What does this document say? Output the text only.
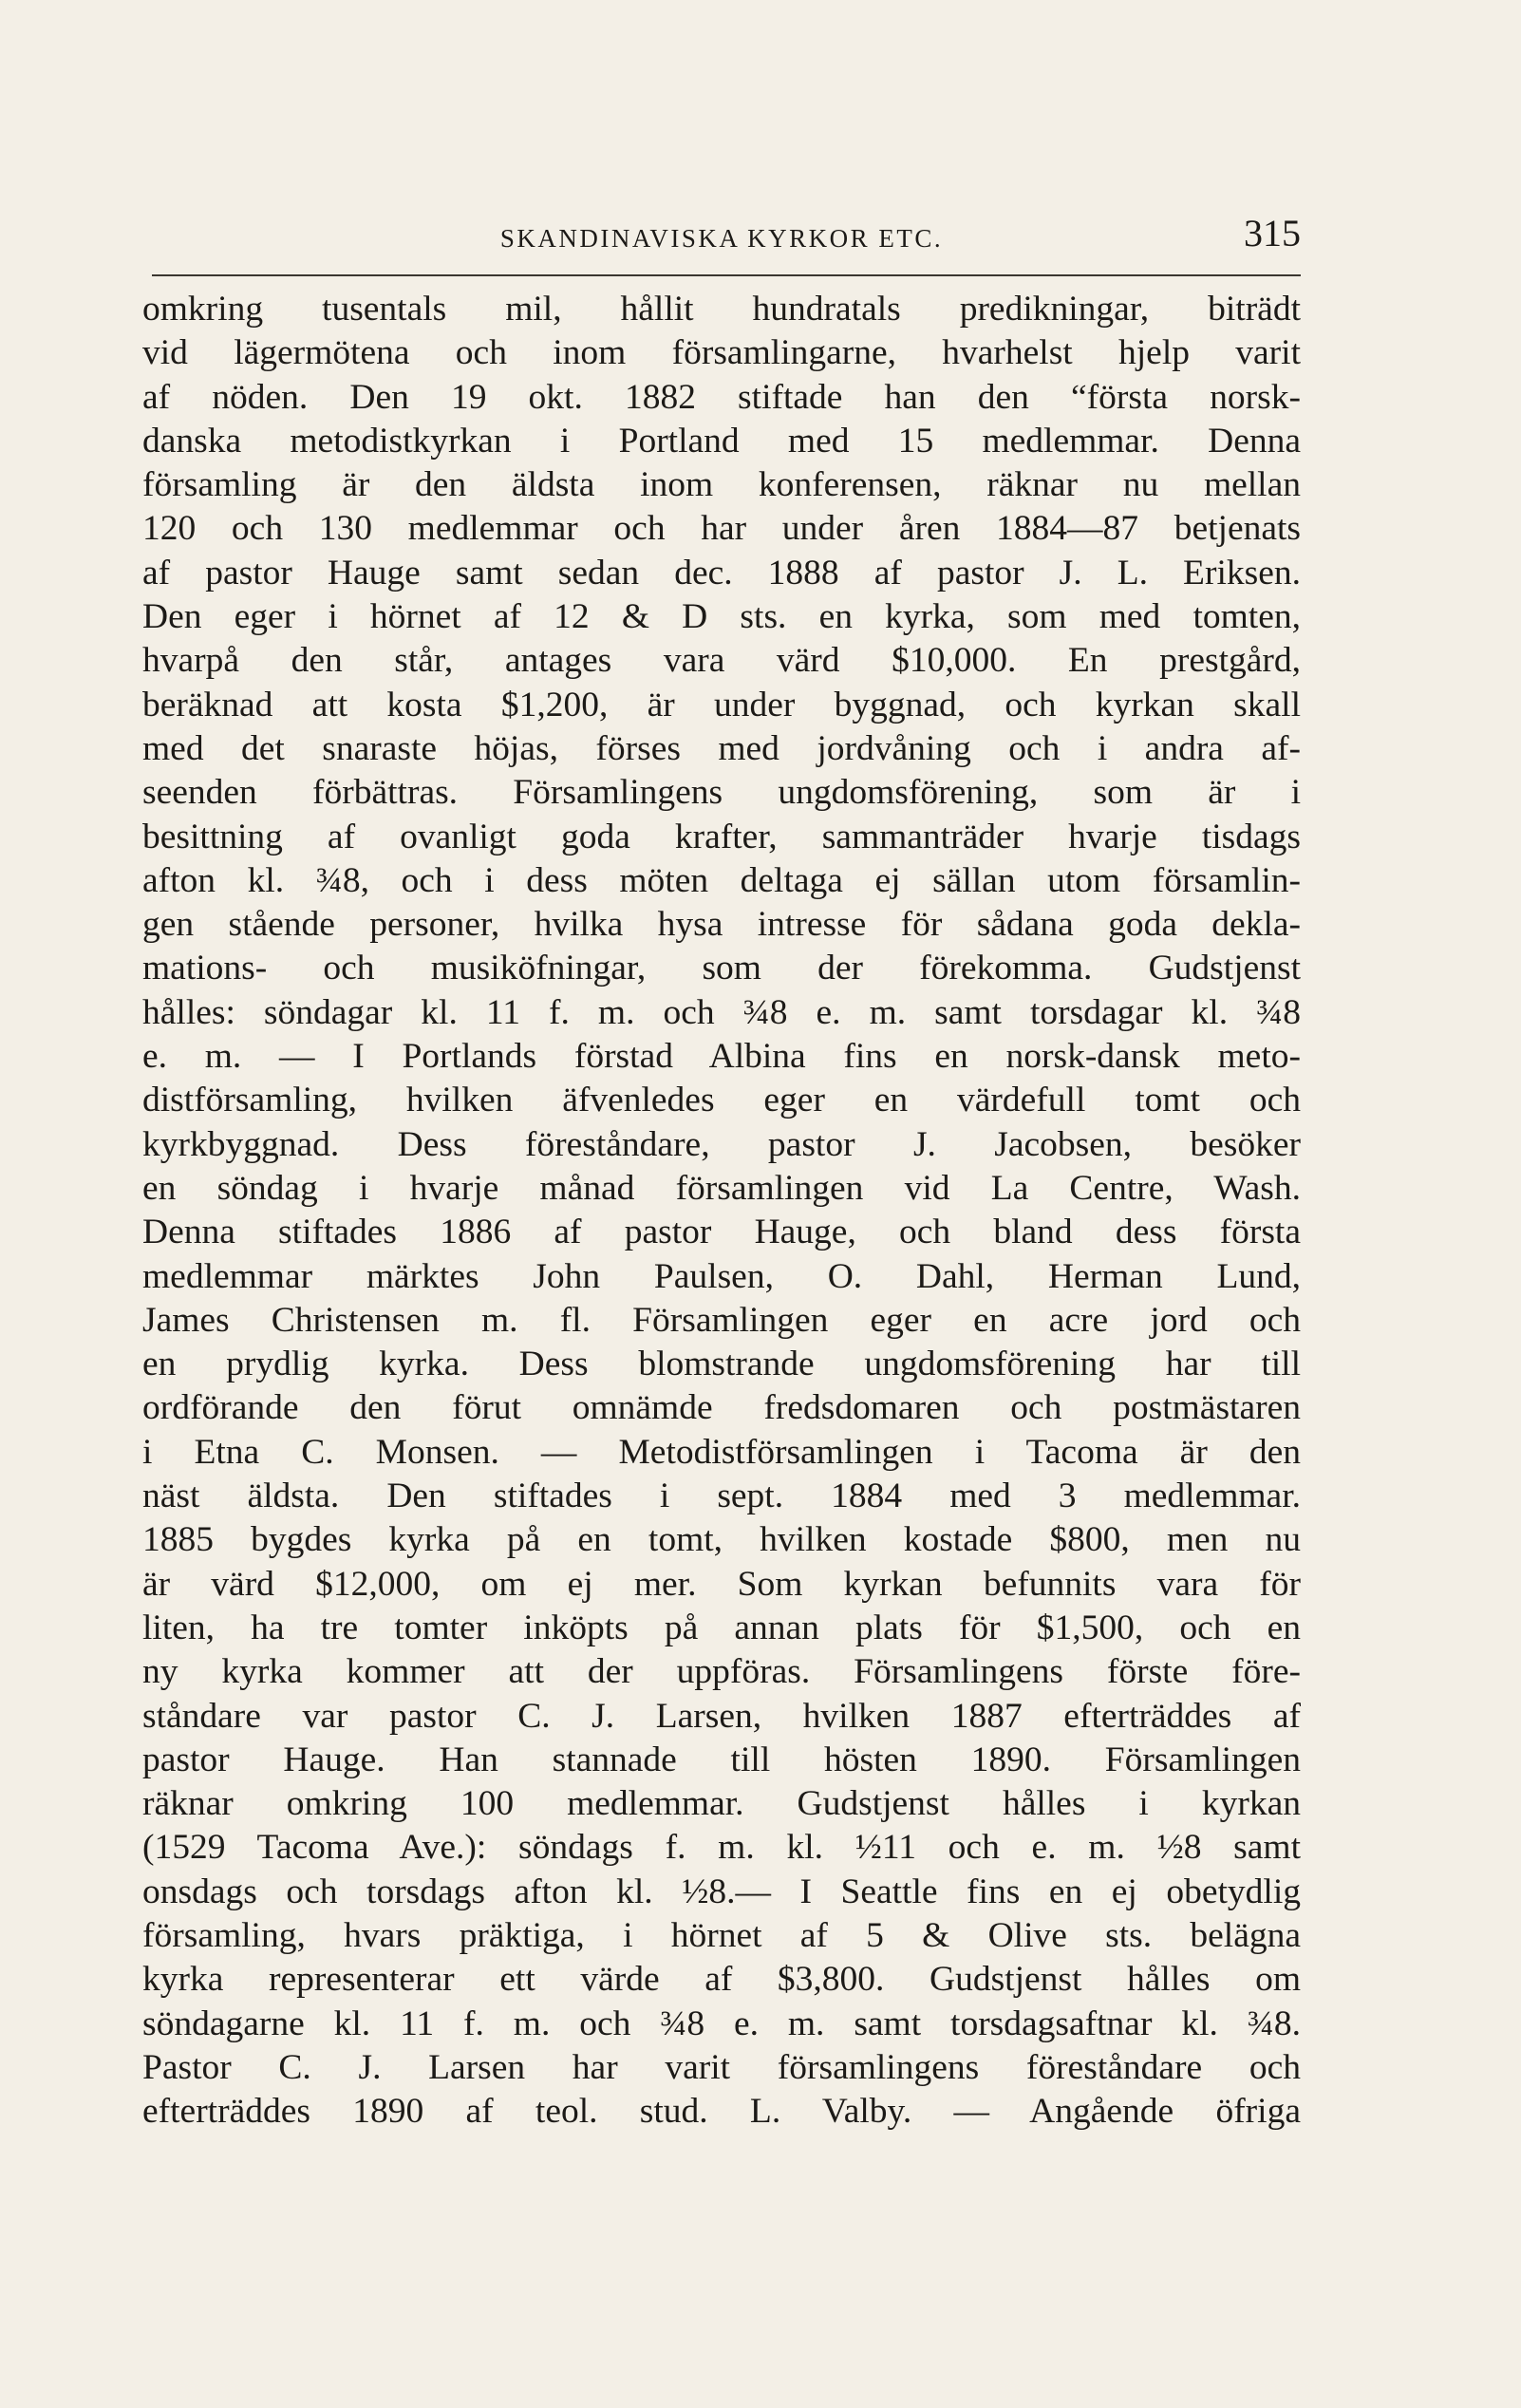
SKANDINAVISKA KYRKOR ETC.	315
omkring tusentals mil, hållit hundratals predikningar, biträdt
vid lägermötena och inom församlingarne, hvarhelst hjelp varit
af nöden. Den 19 okt. 1882 stiftade han den “första norsk-
danska metodistkyrkan i Portland med 15 medlemmar. Denna
församling är den äldsta inom konferensen, räknar nu mellan
120 och 130 medlemmar och har under åren 1884—87 betjenats
af pastor Hauge samt sedan dec. 1888 af pastor J. L. Eriksen.
Den eger i hörnet af 12 & D sts. en kyrka, som med tomten,
hvarpå den står, antages vara värd $10,000. En prestgård,
beräknad att kosta $1,200, är under byggnad, och kyrkan skall
med det snaraste höjas, förses med jordvåning och i andra af-
seenden förbättras. Församlingens ungdomsförening, som är i
besittning af ovanligt goda krafter, sammanträder hvarje tisdags
afton kl. ¾8, och i dess möten deltaga ej sällan utom församlin-
gen stående personer, hvilka hysa intresse för sådana goda dekla-
mations- och musiköfningar, som der förekomma. Gudstjenst
hålles: söndagar kl. 11 f. m. och ¾8 e. m. samt torsdagar kl. ¾8
e. m. — I Portlands förstad Albina fins en norsk-dansk meto-
distförsamling, hvilken äfvenledes eger en värdefull tomt och
kyrkbyggnad. Dess föreståndare, pastor J. Jacobsen, besöker
en söndag i hvarje månad församlingen vid La Centre, Wash.
Denna stiftades 1886 af pastor Hauge, och bland dess första
medlemmar märktes John Paulsen, O. Dahl, Herman Lund,
James Christensen m. fl. Församlingen eger en acre jord och
en prydlig kyrka. Dess blomstrande ungdomsförening har till
ordförande den förut omnämde fredsdomaren och postmästaren
i Etna C. Monsen. — Metodistförsamlingen i Tacoma är den
näst äldsta. Den stiftades i sept. 1884 med 3 medlemmar.
1885 bygdes kyrka på en tomt, hvilken kostade $800, men nu
är värd $12,000, om ej mer. Som kyrkan befunnits vara för
liten, ha tre tomter inköpts på annan plats för $1,500, och en
ny kyrka kommer att der uppföras. Församlingens förste före-
ståndare var pastor C. J. Larsen, hvilken 1887 efterträddes af
pastor Hauge. Han stannade till hösten 1890. Församlingen
räknar omkring 100 medlemmar. Gudstjenst hålles i kyrkan
(1529 Tacoma Ave.): söndags f. m. kl. ½11 och e. m. ½8 samt
onsdags och torsdags afton kl. ½8.— I Seattle fins en ej obetydlig
församling, hvars präktiga, i hörnet af 5 & Olive sts. belägna
kyrka representerar ett värde af $3,800. Gudstjenst hålles om
söndagarne kl. 11 f. m. och ¾8 e. m. samt torsdagsaftnar kl. ¾8.
Pastor C. J. Larsen har varit församlingens föreståndare och
efterträddes 1890 af teol. stud. L. Valby. — Angående öfriga
